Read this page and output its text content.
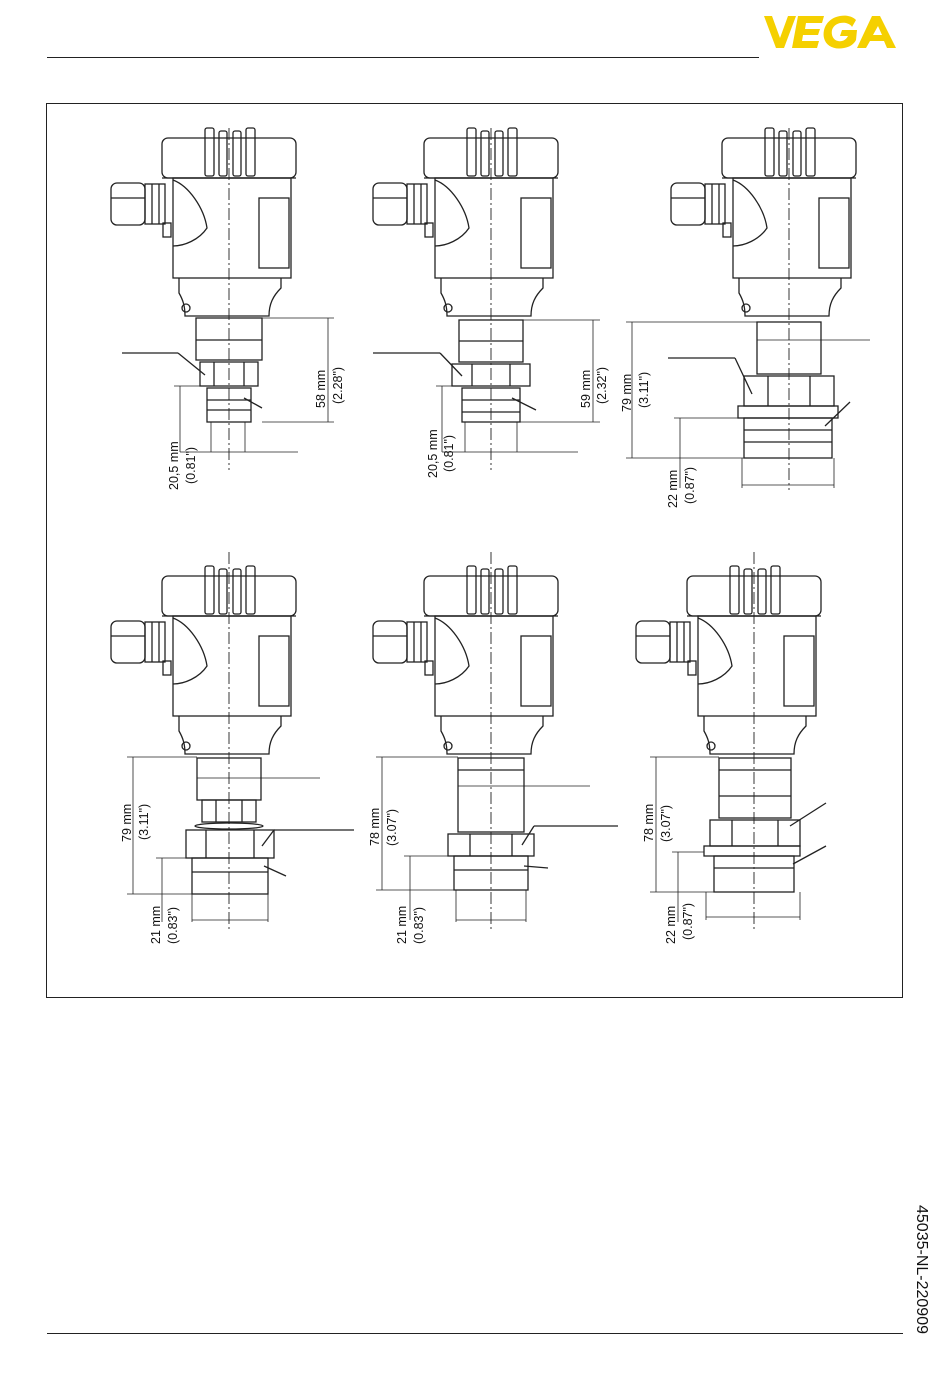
58 mm (2.28")
20,5 mm (0.81")
59 mm (2.32")
20,5 mm (0.81")
79 mm (3.11")
22 mm (0.87")
79 mm (3.11")
21 mm (0.83")
78 mm (3.07")
21 mm (0.83")
78 mm (3.07")
22 mm (0.87")
45035-NL-220909
